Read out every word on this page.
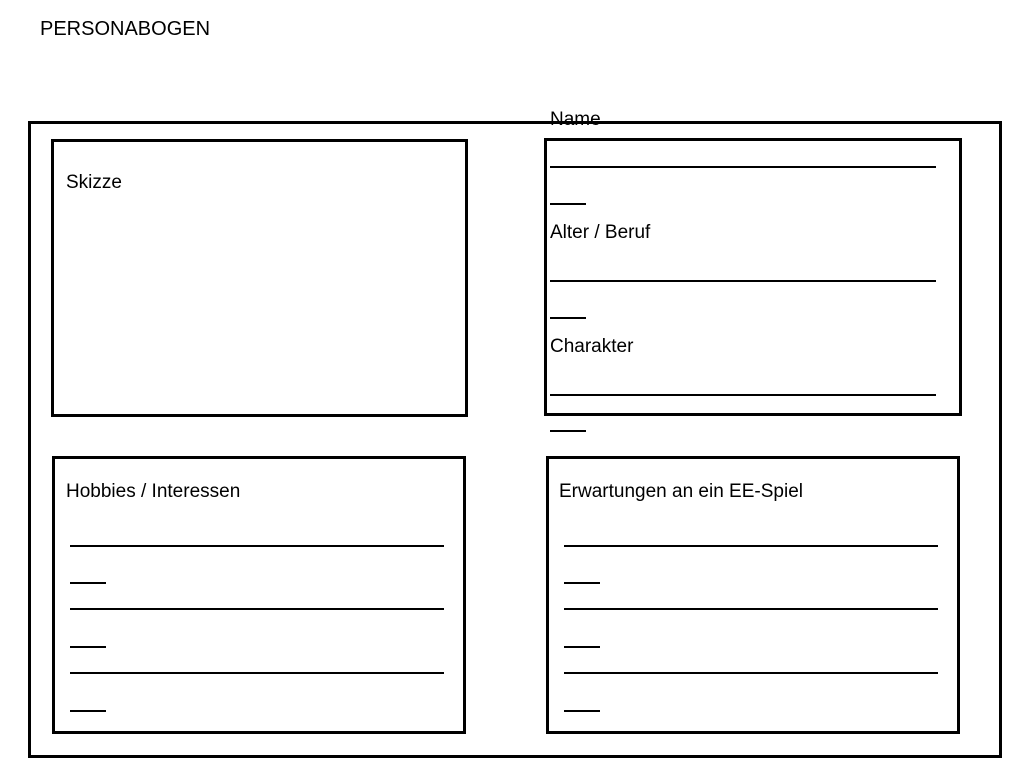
PERSONABOGEN
Skizze
Name
Alter / Beruf
Charakter
Hobbies / Interessen	Erwartungen an ein EE-Spiel
